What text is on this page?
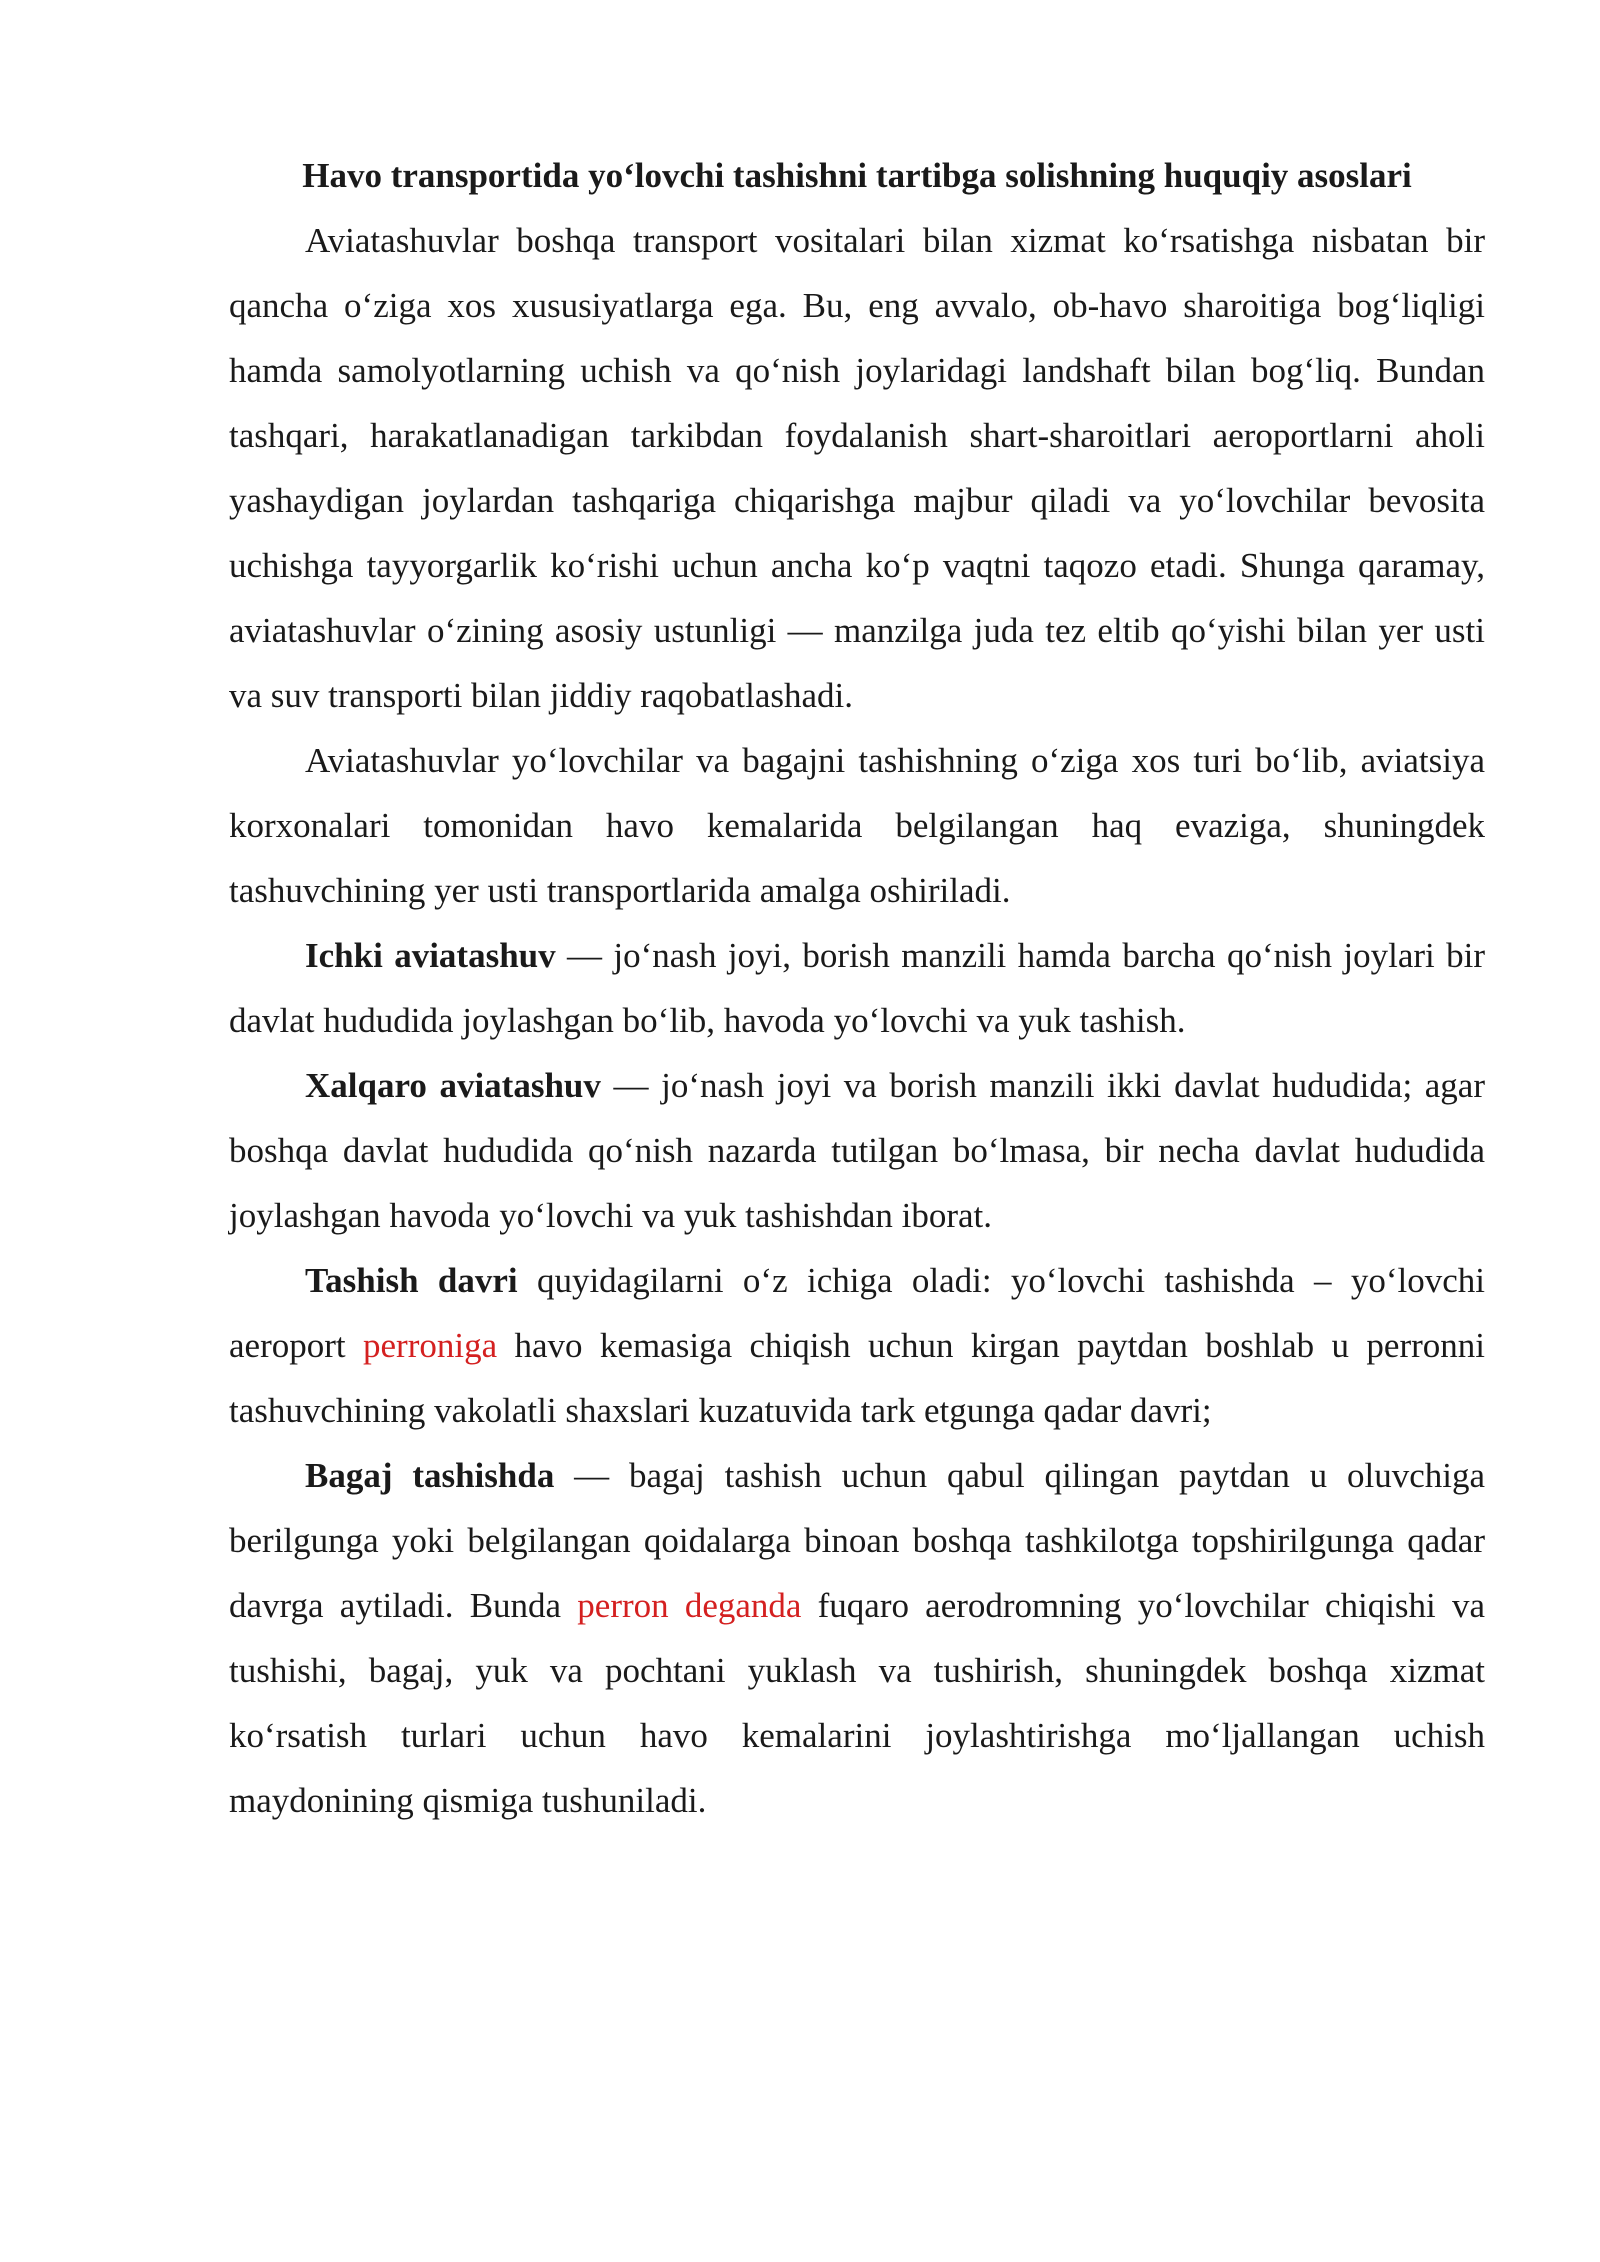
Havo transportida yo‘lovchi tashishni tartibga solishning huquqiy asoslari

Aviatashuvlar boshqa transport vositalari bilan xizmat ko‘rsatishga nisbatan bir qancha o‘ziga xos xususiyatlarga ega. Bu, eng avvalo, ob-havo sharoitiga bog‘liqligi hamda samolyotlarning uchish va qo‘nish joylaridagi landshaft bilan bog‘liq. Bundan tashqari, harakatlanadigan tarkibdan foydalanish shart-sharoitlari aeroportlarni aholi yashaydigan joylardan tashqariga chiqarishga majbur qiladi va yo‘lovchilar bevosita uchishga tayyorgarlik ko‘rishi uchun ancha ko‘p vaqtni taqozo etadi. Shunga qaramay, aviatashuvlar o‘zining asosiy ustunligi — manzilga juda tez eltib qo‘yishi bilan yer usti va suv transporti bilan jiddiy raqobatlashadi.

Aviatashuvlar yo‘lovchilar va bagajni tashishning o‘ziga xos turi bo‘lib, aviatsiya korxonalari tomonidan havo kemalarida belgilangan haq evaziga, shuningdek tashuvchining yer usti transportlarida amalga oshiriladi.

Ichki aviatashuv — jo‘nash joyi, borish manzili hamda barcha qo‘nish joylari bir davlat hududida joylashgan bo‘lib, havoda yo‘lovchi va yuk tashish.

Xalqaro aviatashuv — jo‘nash joyi va borish manzili ikki davlat hududida; agar boshqa davlat hududida qo‘nish nazarda tutilgan bo‘lmasa, bir necha davlat hududida joylashgan havoda yo‘lovchi va yuk tashishdan iborat.

Tashish davri quyidagilarni o‘z ichiga oladi: yo‘lovchi tashishda – yo‘lovchi aeroport perroniga havo kemasiga chiqish uchun kirgan paytdan boshlab u perronni tashuvchining vakolatli shaxslari kuzatuvida tark etgunga qadar davri;

Bagaj tashishda — bagaj tashish uchun qabul qilingan paytdan u oluvchiga berilgunga yoki belgilangan qoidalarga binoan boshqa tashkilotga topshirilgunga qadar davrga aytiladi. Bunda perron deganda fuqaro aerodromning yo‘lovchilar chiqishi va tushishi, bagaj, yuk va pochtani yuklash va tushirish, shuningdek boshqa xizmat ko‘rsatish turlari uchun havo kemalarini joylashtirishga mo‘ljallangan uchish maydonining qismiga tushuniladi.
